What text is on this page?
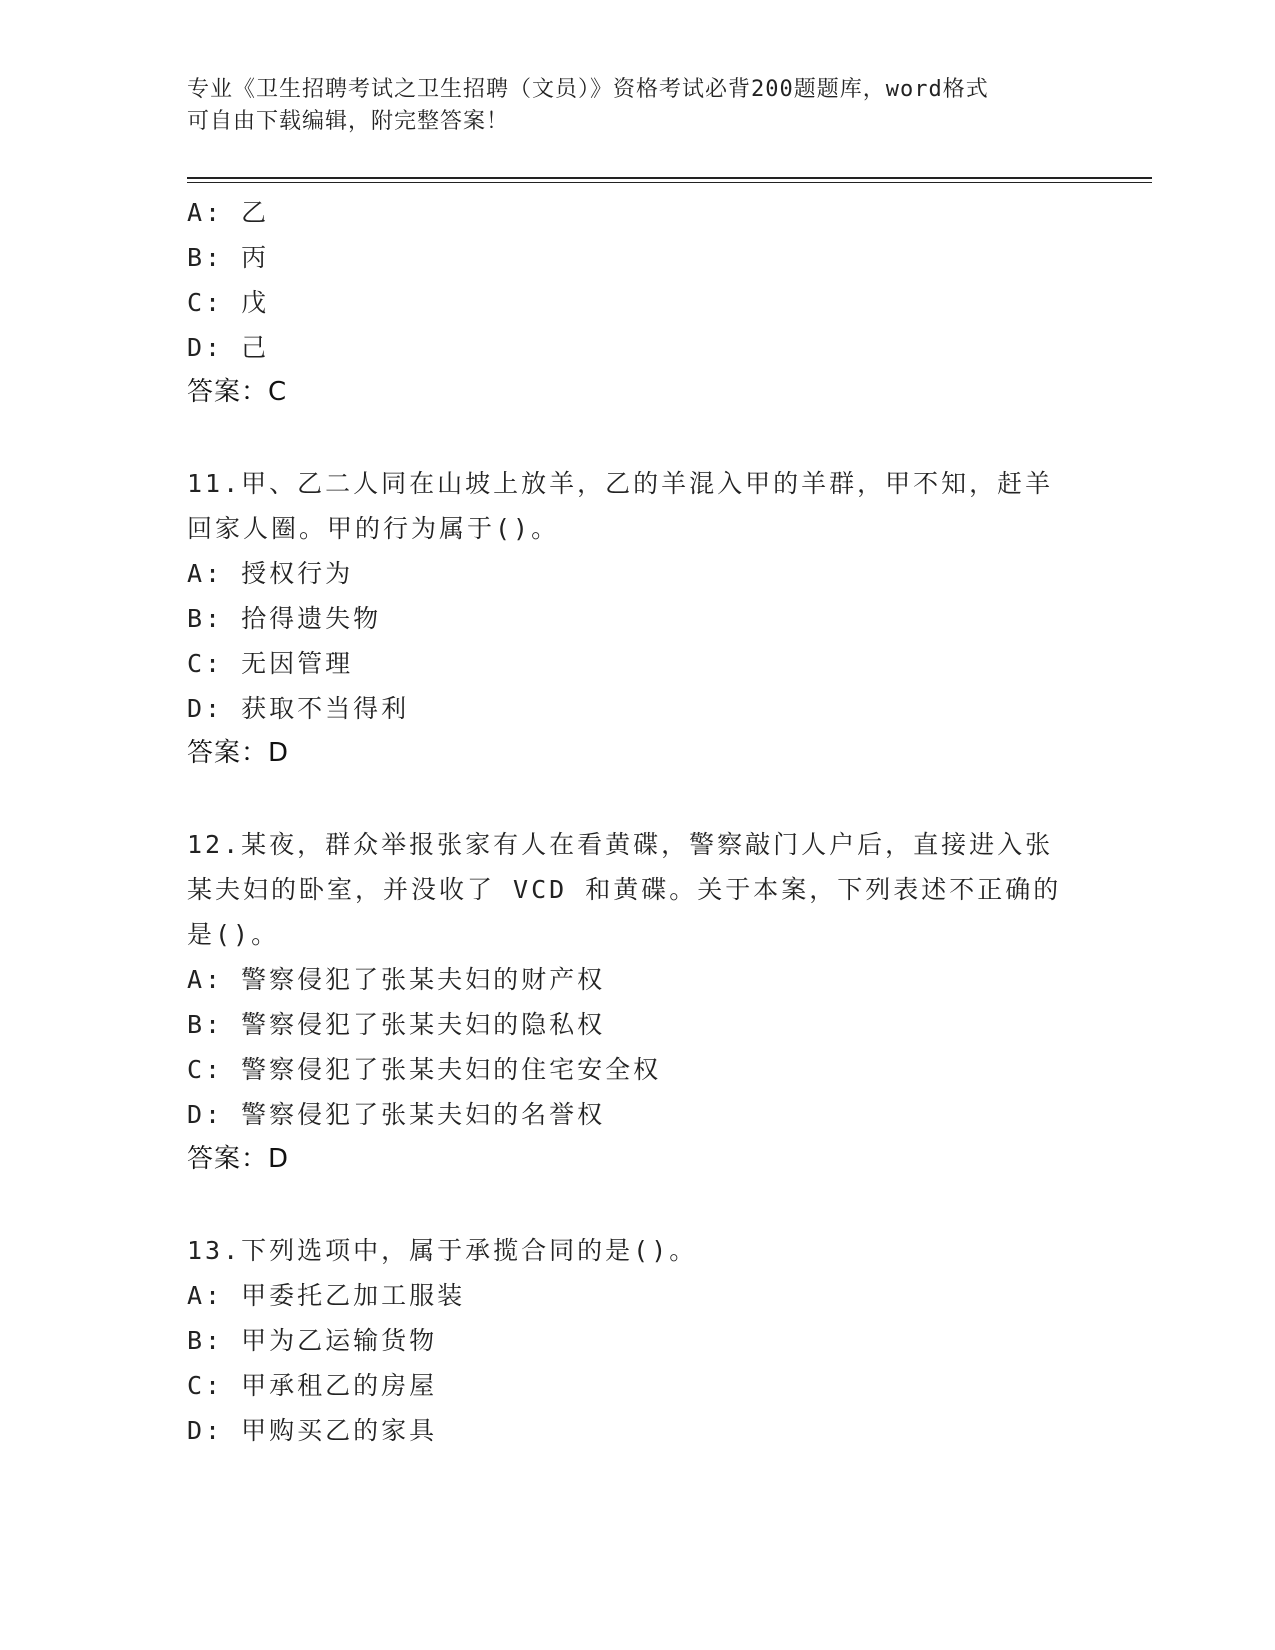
专业《卫生招聘考试之卫生招聘（文员）》资格考试必背200题题库，word格式
可自由下载编辑，附完整答案！
A: 乙
B: 丙
C: 戊
D: 己
答案：C
11.甲、乙二人同在山坡上放羊，乙的羊混入甲的羊群，甲不知，赶羊
回家人圈。甲的行为属于()。
A: 授权行为
B: 拾得遗失物
C: 无因管理
D: 获取不当得利
答案：D
12.某夜，群众举报张家有人在看黄碟，警察敲门人户后，直接进入张
某夫妇的卧室，并没收了 VCD 和黄碟。关于本案，下列表述不正确的
是()。
A: 警察侵犯了张某夫妇的财产权
B: 警察侵犯了张某夫妇的隐私权
C: 警察侵犯了张某夫妇的住宅安全权
D: 警察侵犯了张某夫妇的名誉权
答案：D
13.下列选项中，属于承揽合同的是()。
A: 甲委托乙加工服装
B: 甲为乙运输货物
C: 甲承租乙的房屋
D: 甲购买乙的家具
